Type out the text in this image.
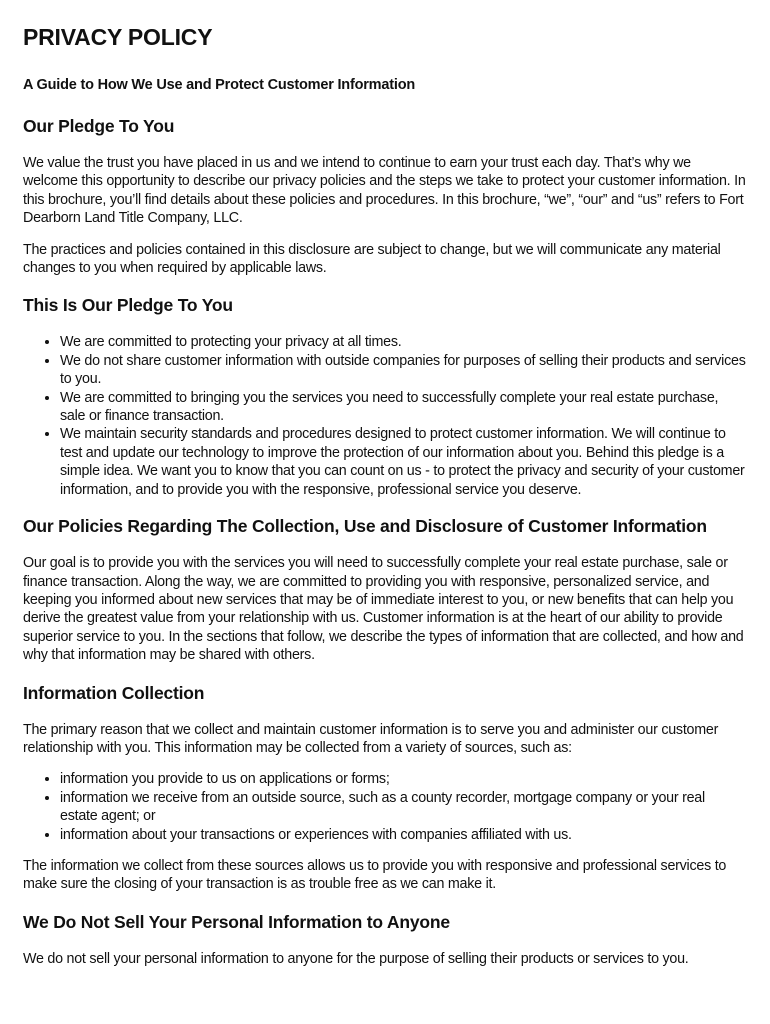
PRIVACY POLICY
A Guide to How We Use and Protect Customer Information
Our Pledge To You

We value the trust you have placed in us and we intend to continue to earn your trust each day. That’s why we welcome this opportunity to describe our privacy policies and the steps we take to protect your customer information. In this brochure, you’ll find details about these policies and procedures. In this brochure, “we”, “our” and “us” refers to Fort Dearborn Land Title Company, LLC.

The practices and policies contained in this disclosure are subject to change, but we will communicate any material changes to you when required by applicable laws.

This Is Our Pledge To You
• We are committed to protecting your privacy at all times.
• We do not share customer information with outside companies for purposes of selling their products and services to you.
• We are committed to bringing you the services you need to successfully complete your real estate purchase, sale or finance transaction.
• We maintain security standards and procedures designed to protect customer information. We will continue to test and update our technology to improve the protection of our information about you. Behind this pledge is a simple idea. We want you to know that you can count on us - to protect the privacy and security of your customer information, and to provide you with the responsive, professional service you deserve.
Our Policies Regarding The Collection, Use and Disclosure of Customer Information

Our goal is to provide you with the services you will need to successfully complete your real estate purchase, sale or finance transaction. Along the way, we are committed to providing you with responsive, personalized service, and keeping you informed about new services that may be of immediate interest to you, or new benefits that can help you derive the greatest value from your relationship with us. Customer information is at the heart of our ability to provide superior service to you. In the sections that follow, we describe the types of information that are collected, and how and why that information may be shared with others.

Information Collection

The primary reason that we collect and maintain customer information is to serve you and administer our customer relationship with you. This information may be collected from a variety of sources, such as:

• information you provide to us on applications or forms;
• information we receive from an outside source, such as a county recorder, mortgage company or your real estate agent; or
• information about your transactions or experiences with companies affiliated with us.

The information we collect from these sources allows us to provide you with responsive and professional services to make sure the closing of your transaction is as trouble free as we can make it.

We Do Not Sell Your Personal Information to Anyone

We do not sell your personal information to anyone for the purpose of selling their products or services to you.
